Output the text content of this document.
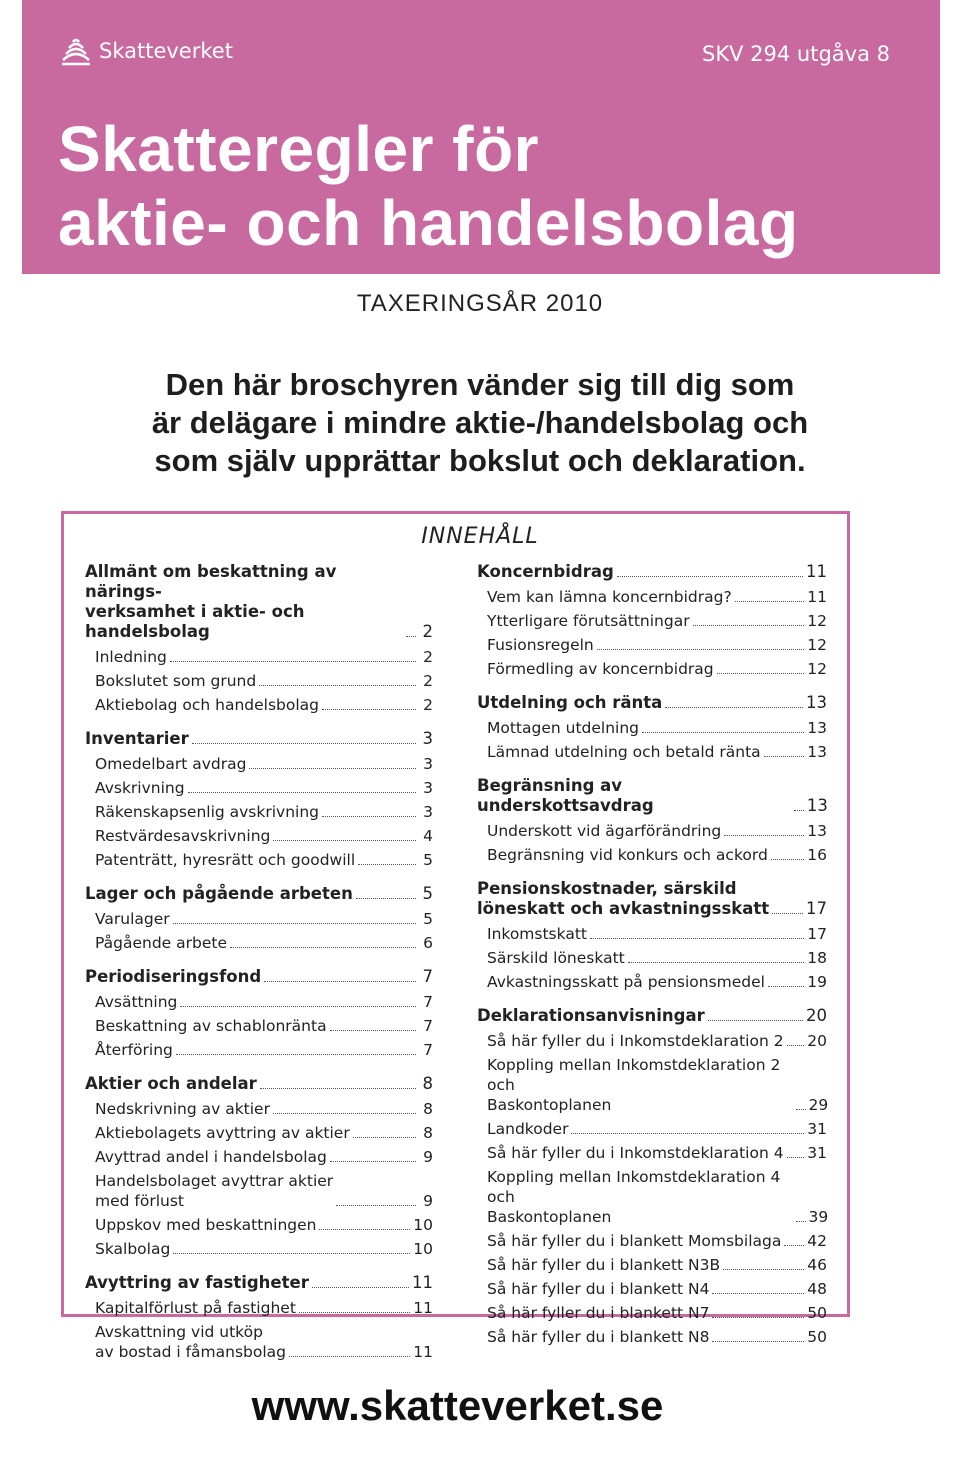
Skatteverket	SKV 294 utgåva 8
Skatteregler för
aktie- och handelsbolag
TAXERINGSÅR 2010

Den här broschyren vänder sig till dig som
är delägare i mindre aktie-/handelsbolag och
som själv upprättar bokslut och deklaration.

INNEHÅLL
Allmänt om beskattning av närings-
verksamhet i aktie- och handelsbolag	2
Inledning	2
Bokslutet som grund	2
Aktiebolag och handelsbolag	2
Inventarier	3
Omedelbart avdrag	3
Avskrivning	3
Räkenskapsenlig avskrivning	3
Restvärdesavskrivning	4
Patenträtt, hyresrätt och goodwill	5
Lager och pågående arbeten	5
Varulager	5
Pågående arbete	6
Periodiseringsfond	7
Avsättning	7
Beskattning av schablonränta	7
Återföring	7
Aktier och andelar	8
Nedskrivning av aktier	8
Aktiebolagets avyttring av aktier	8
Avyttrad andel i handelsbolag	9
Handelsbolaget avyttrar aktier
med förlust	9
Uppskov med beskattningen	10
Skalbolag	10
Avyttring av fastigheter	11
Kapitalförlust på fastighet	11
Avskattning vid utköp
av bostad i fåmansbolag	11
Koncernbidrag	11
Vem kan lämna koncernbidrag?	11
Ytterligare förutsättningar	12
Fusionsregeln	12
Förmedling av koncernbidrag	12
Utdelning och ränta	13
Mottagen utdelning	13
Lämnad utdelning och betald ränta	13
Begränsning av underskottsavdrag	13
Underskott vid ägarförändring	13
Begränsning vid konkurs och ackord	16
Pensionskostnader, särskild
löneskatt och avkastningsskatt 17
Inkomstskatt	17
Särskild löneskatt	18
Avkastningsskatt på pensionsmedel	19
Deklarationsanvisningar	20
Så här fyller du i Inkomstdeklaration 2 20
Koppling mellan Inkomstdeklaration 2 och
Baskontoplanen	29
Landkoder	31
Så här fyller du i Inkomstdeklaration 4 31
Koppling mellan Inkomstdeklaration 4 och
Baskontoplanen	39
Så här fyller du i blankett Momsbilaga 42
Så här fyller du i blankett N3B	46
Så här fyller du i blankett N4	48
Så här fyller du i blankett N7	50
Så här fyller du i blankett N8	50
www.skatteverket.se
